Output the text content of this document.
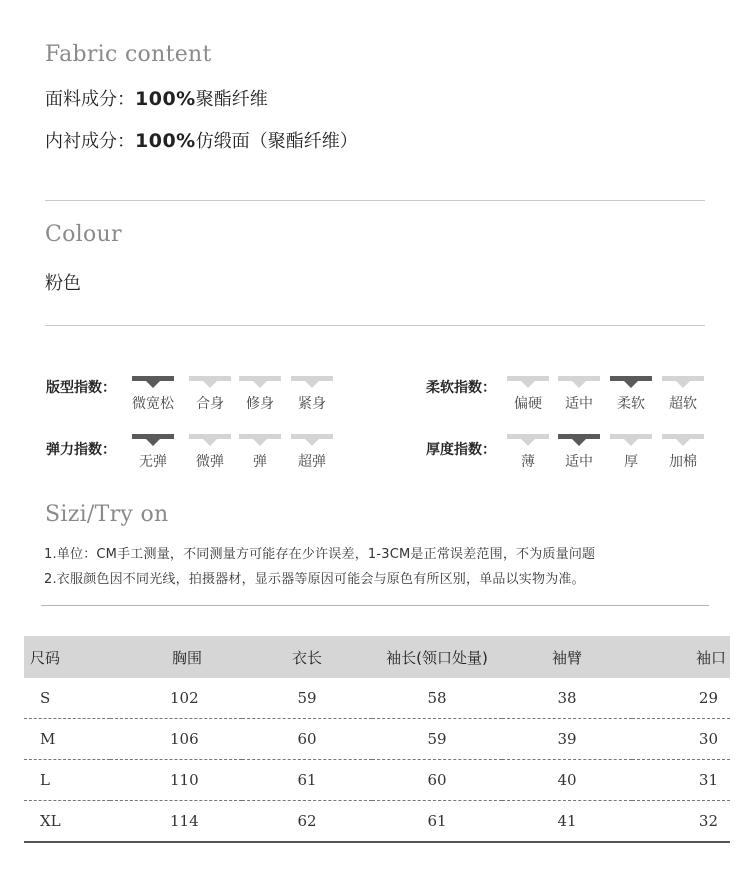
Fabric content
面料成分：100%聚酯纤维
内衬成分：100%仿缎面（聚酯纤维）
Colour
粉色
版型指数：
微宽松	合身	修身	紧身
弹力指数：
无弹	微弹	弹	超弹
柔软指数：
偏硬	适中	柔软	超软
厚度指数：
薄	适中	厚	加棉
Sizi/Try on
1.单位：CM手工测量，不同测量方可能存在少许误差，1-3CM是正常误差范围，不为质量问题
2.衣服颜色因不同光线，拍摄器材，显示器等原因可能会与原色有所区别，单品以实物为准。
尺码	胸围	衣长	袖长(领口处量)	袖臂	袖口
S	102	59	58	38	29
M	106	60	59	39	30
L	110	61	60	40	31
XL	114	62	61	41	32
